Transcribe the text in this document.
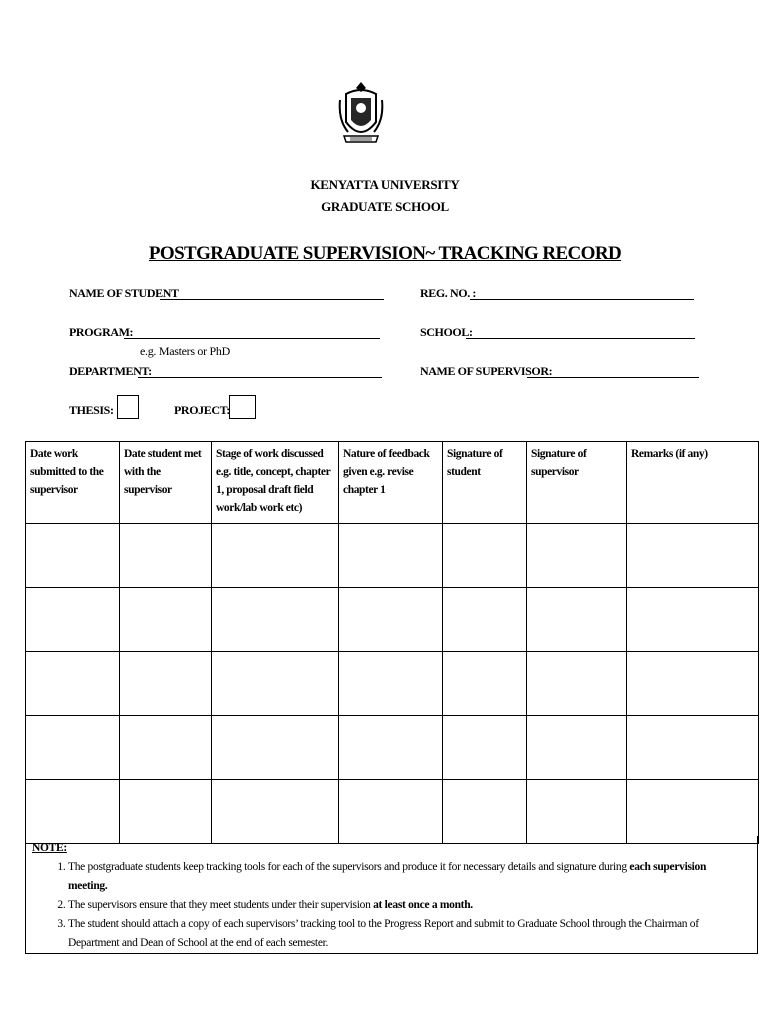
KENYATTA UNIVERSITY
GRADUATE SCHOOL
POSTGRADUATE SUPERVISION~ TRACKING RECORD
NAME OF STUDENT	REG. NO. :
PROGRAM:	SCHOOL:
e.g. Masters or PhD
DEPARTMENT:	NAME OF SUPERVISOR:
THESIS:	PROJECT:
Date work submitted to the supervisor	Date student met with the supervisor	Stage of work discussed e.g. title, concept, chapter 1, proposal draft field work/lab work etc)	Nature of feedback given e.g. revise chapter 1	Signature of student	Signature of supervisor	Remarks (if any)

NOTE:
1. The postgraduate students keep tracking tools for each of the supervisors and produce it for necessary details and signature during each supervision meeting.
2. The supervisors ensure that they meet students under their supervision at least once a month.
3. The student should attach a copy of each supervisors’ tracking tool to the Progress Report and submit to Graduate School through the Chairman of Department and Dean of School at the end of each semester.
